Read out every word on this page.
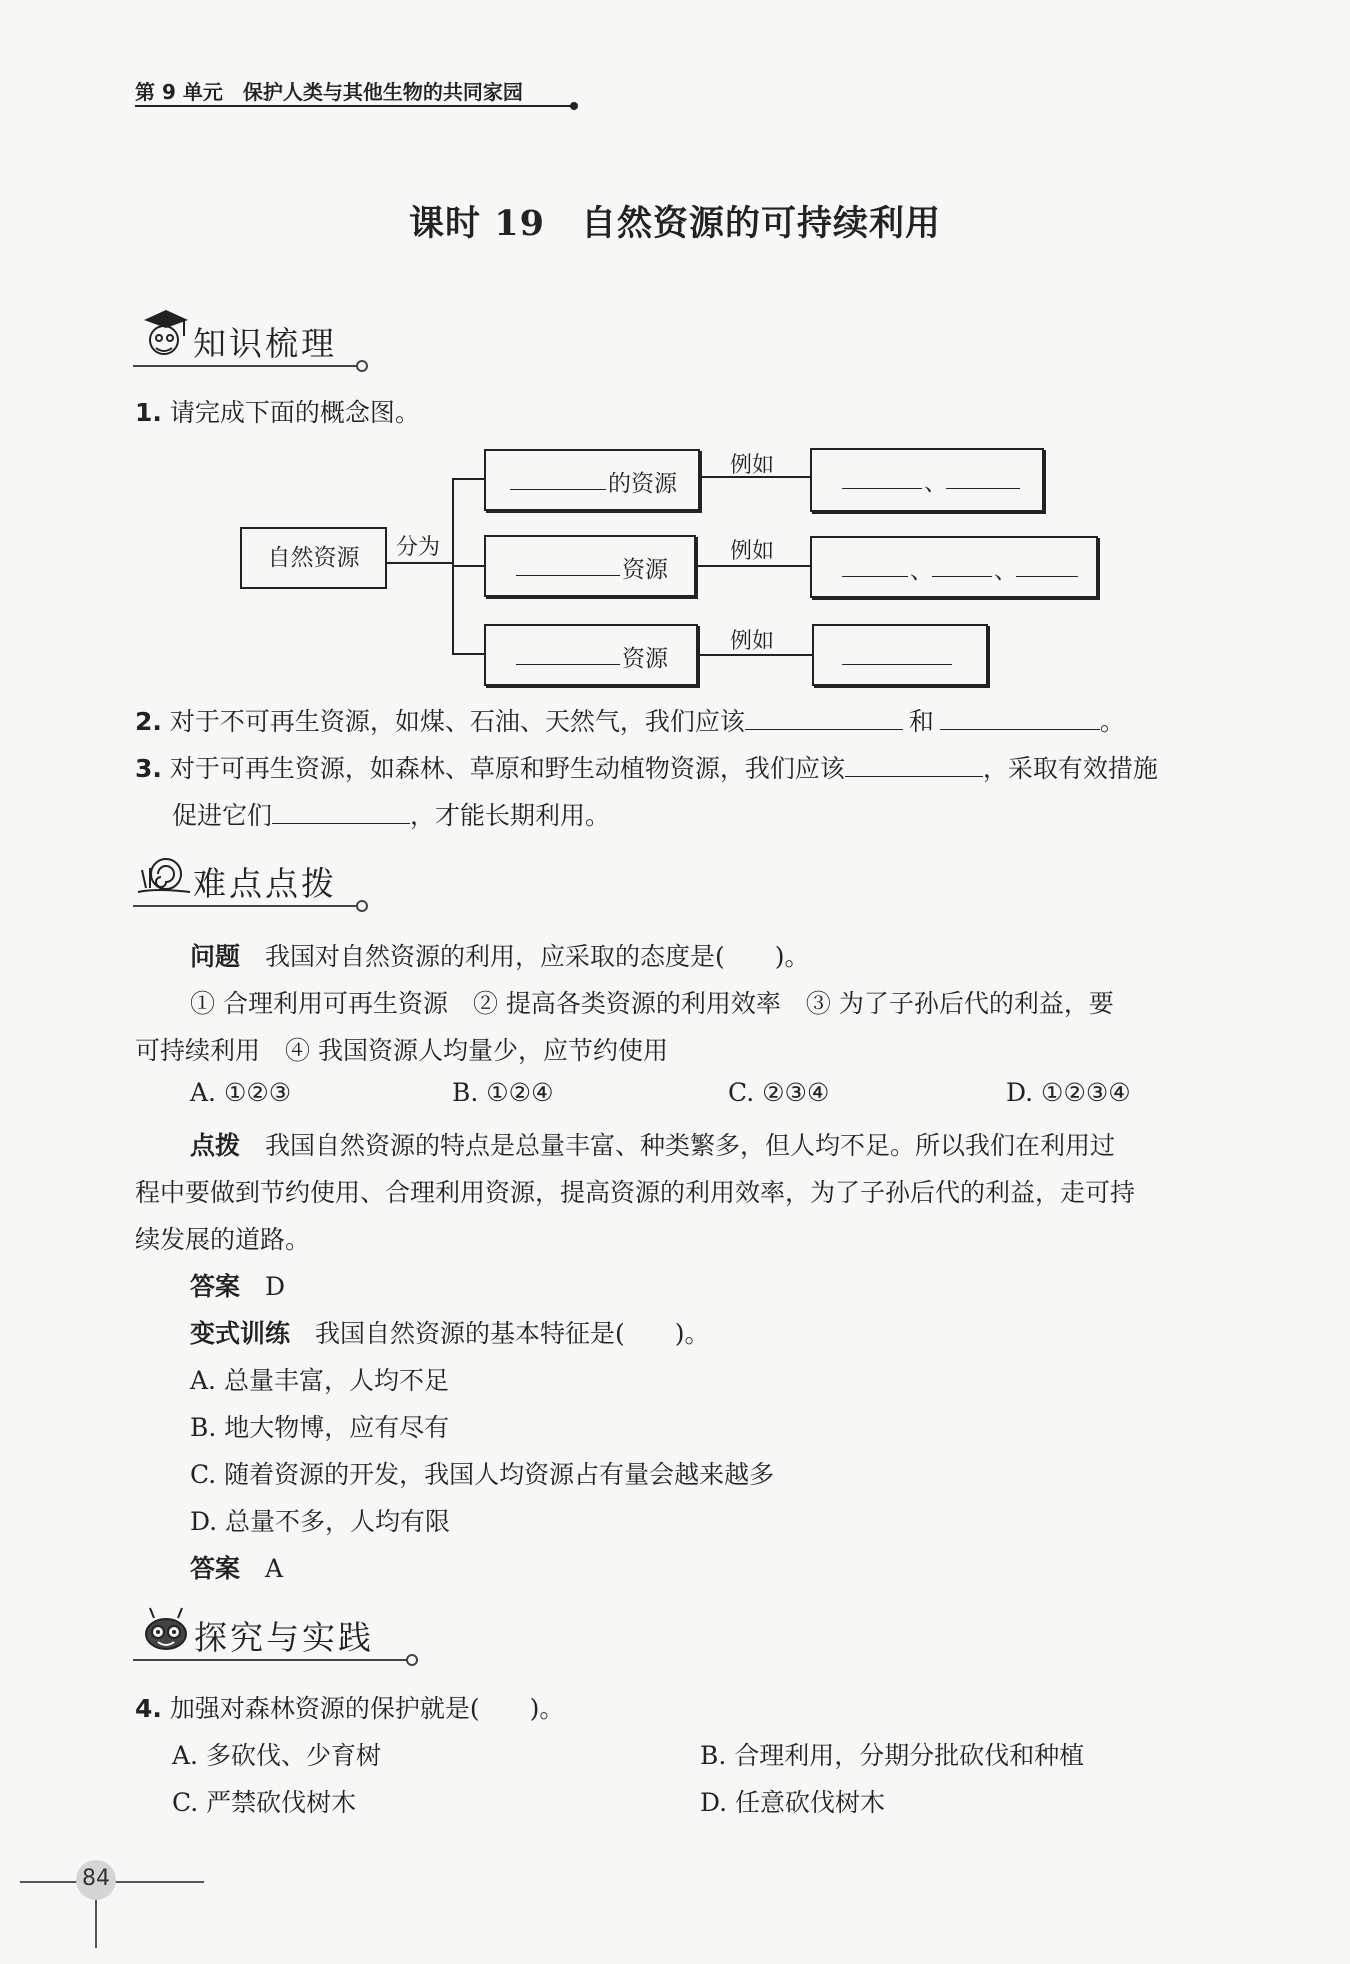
第 9 单元　保护人类与其他生物的共同家园
课时 19　自然资源的可持续利用
知识梳理
1. 请完成下面的概念图。
自然资源	分为
的资源
例如
、
资源
例如
、	、
资源
例如
2. 对于不可再生资源，如煤、石油、天然气，我们应该	和	。
3. 对于可再生资源，如森林、草原和野生动植物资源，我们应该	，采取有效措施
促进它们	，才能长期利用。
难点点拨
问题　 我国对自然资源的利用，应采取的态度是(　　)。
① 合理利用可再生资源　② 提高各类资源的利用效率　③ 为了子孙后代的利益，要
可持续利用　④ 我国资源人均量少，应节约使用
A. ①②③	B. ①②④	C. ②③④	D. ①②③④
点拨　 我国自然资源的特点是总量丰富、种类繁多，但人均不足。所以我们在利用过
程中要做到节约使用、合理利用资源，提高资源的利用效率，为了子孙后代的利益，走可持
续发展的道路。
答案　 D
变式训练　 我国自然资源的基本特征是(　　)。
A. 总量丰富，人均不足
B. 地大物博，应有尽有
C. 随着资源的开发，我国人均资源占有量会越来越多
D. 总量不多，人均有限
答案　 A
探究与实践
4. 加强对森林资源的保护就是(　　)。
A. 多砍伐、少育树	B. 合理利用，分期分批砍伐和种植
C. 严禁砍伐树木	D. 任意砍伐树木
84
